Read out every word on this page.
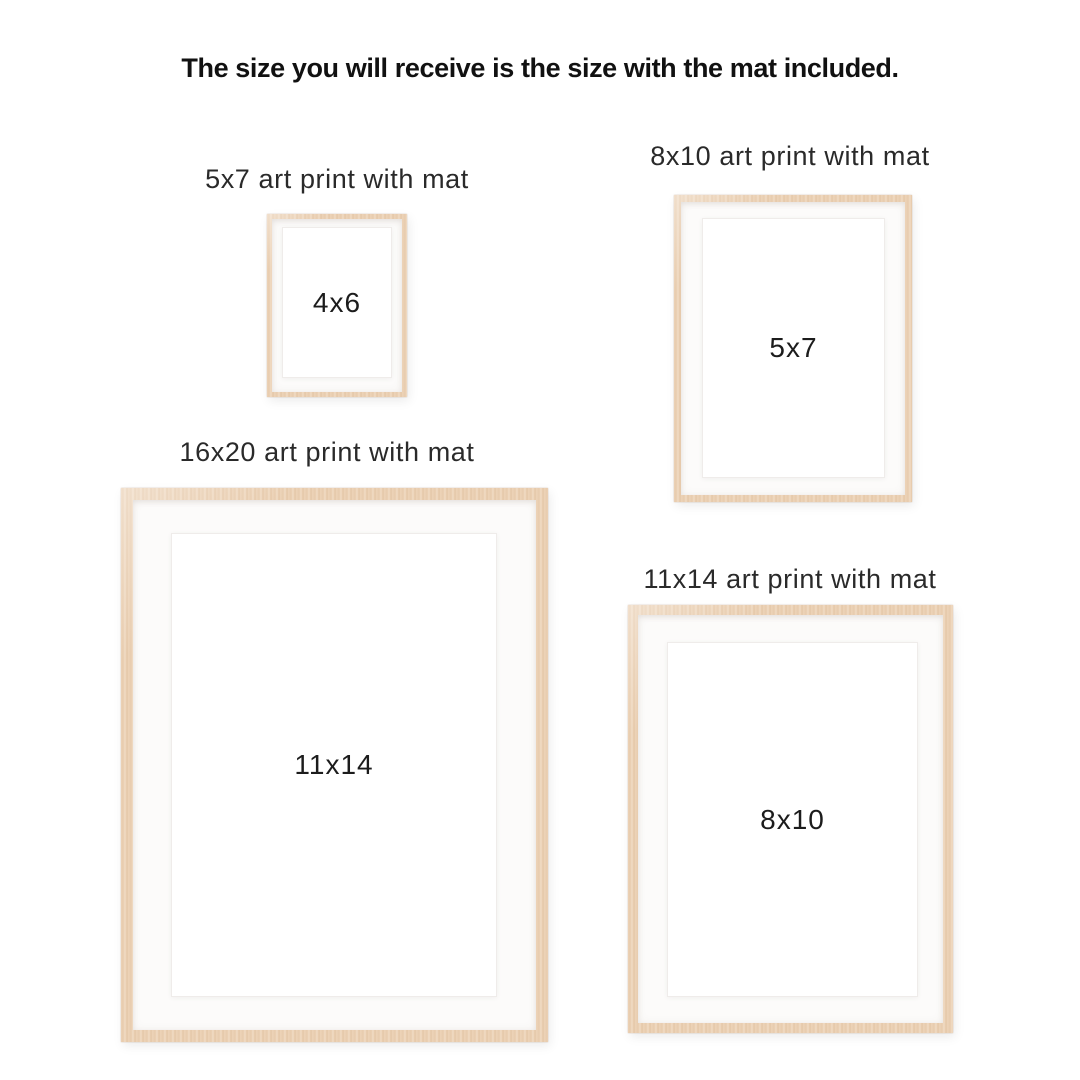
The size you will receive is the size with the mat included.
5x7 art print with mat
4x6
8x10 art print with mat
5x7
16x20 art print with mat
11x14
11x14 art print with mat
8x10
